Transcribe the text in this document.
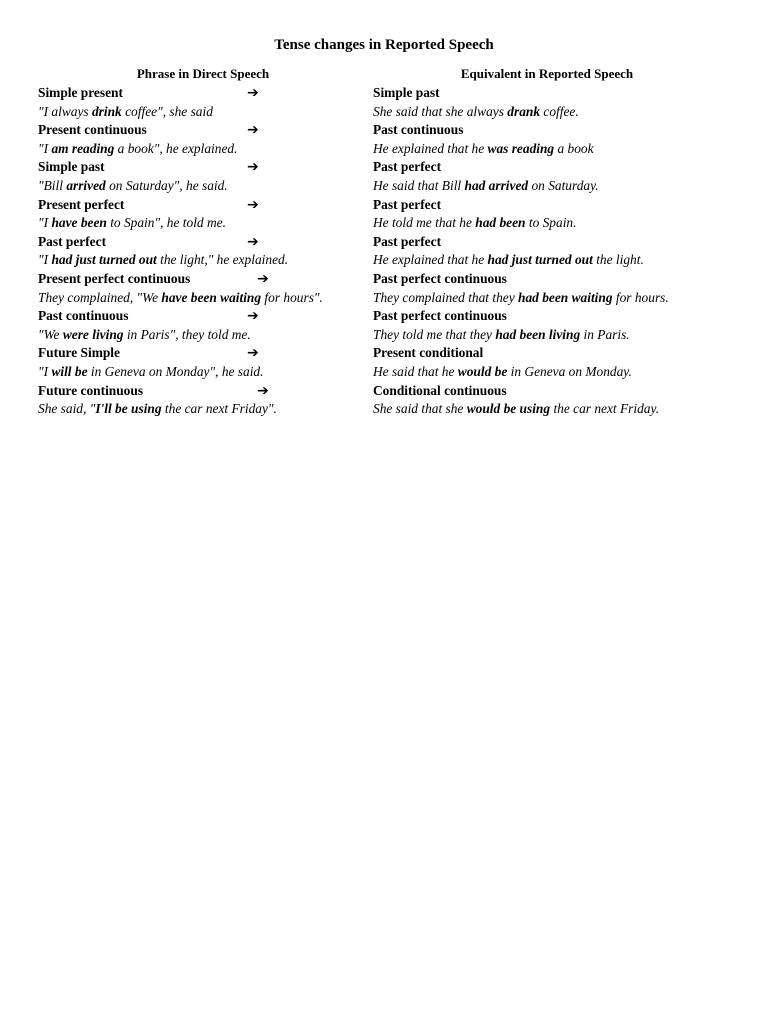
Tense changes in Reported Speech
Phrase in Direct Speech	Equivalent in Reported Speech
Simple present	➔	Simple past
"I always drink coffee", she said	She said that she always drank coffee.
Present continuous	➔	Past continuous
"I am reading a book", he explained.	He explained that he was reading a book
Simple past	➔	Past perfect
"Bill arrived on Saturday", he said.	He said that Bill had arrived on Saturday.
Present perfect	➔	Past perfect
"I have been to Spain", he told me.	He told me that he had been to Spain.
Past perfect	➔	Past perfect
"I had just turned out the light," he explained.	He explained that he had just turned out the light.
Present perfect continuous	➔	Past perfect continuous
They complained, "We have been waiting for hours".	They complained that they had been waiting for hours.
Past continuous	➔	Past perfect continuous
"We were living in Paris", they told me.	They told me that they had been living in Paris.
Future Simple	➔	Present conditional
"I will be in Geneva on Monday", he said.	He said that he would be in Geneva on Monday.
Future continuous	➔	Conditional continuous
She said, "I'll be using the car next Friday".	She said that she would be using the car next Friday.
